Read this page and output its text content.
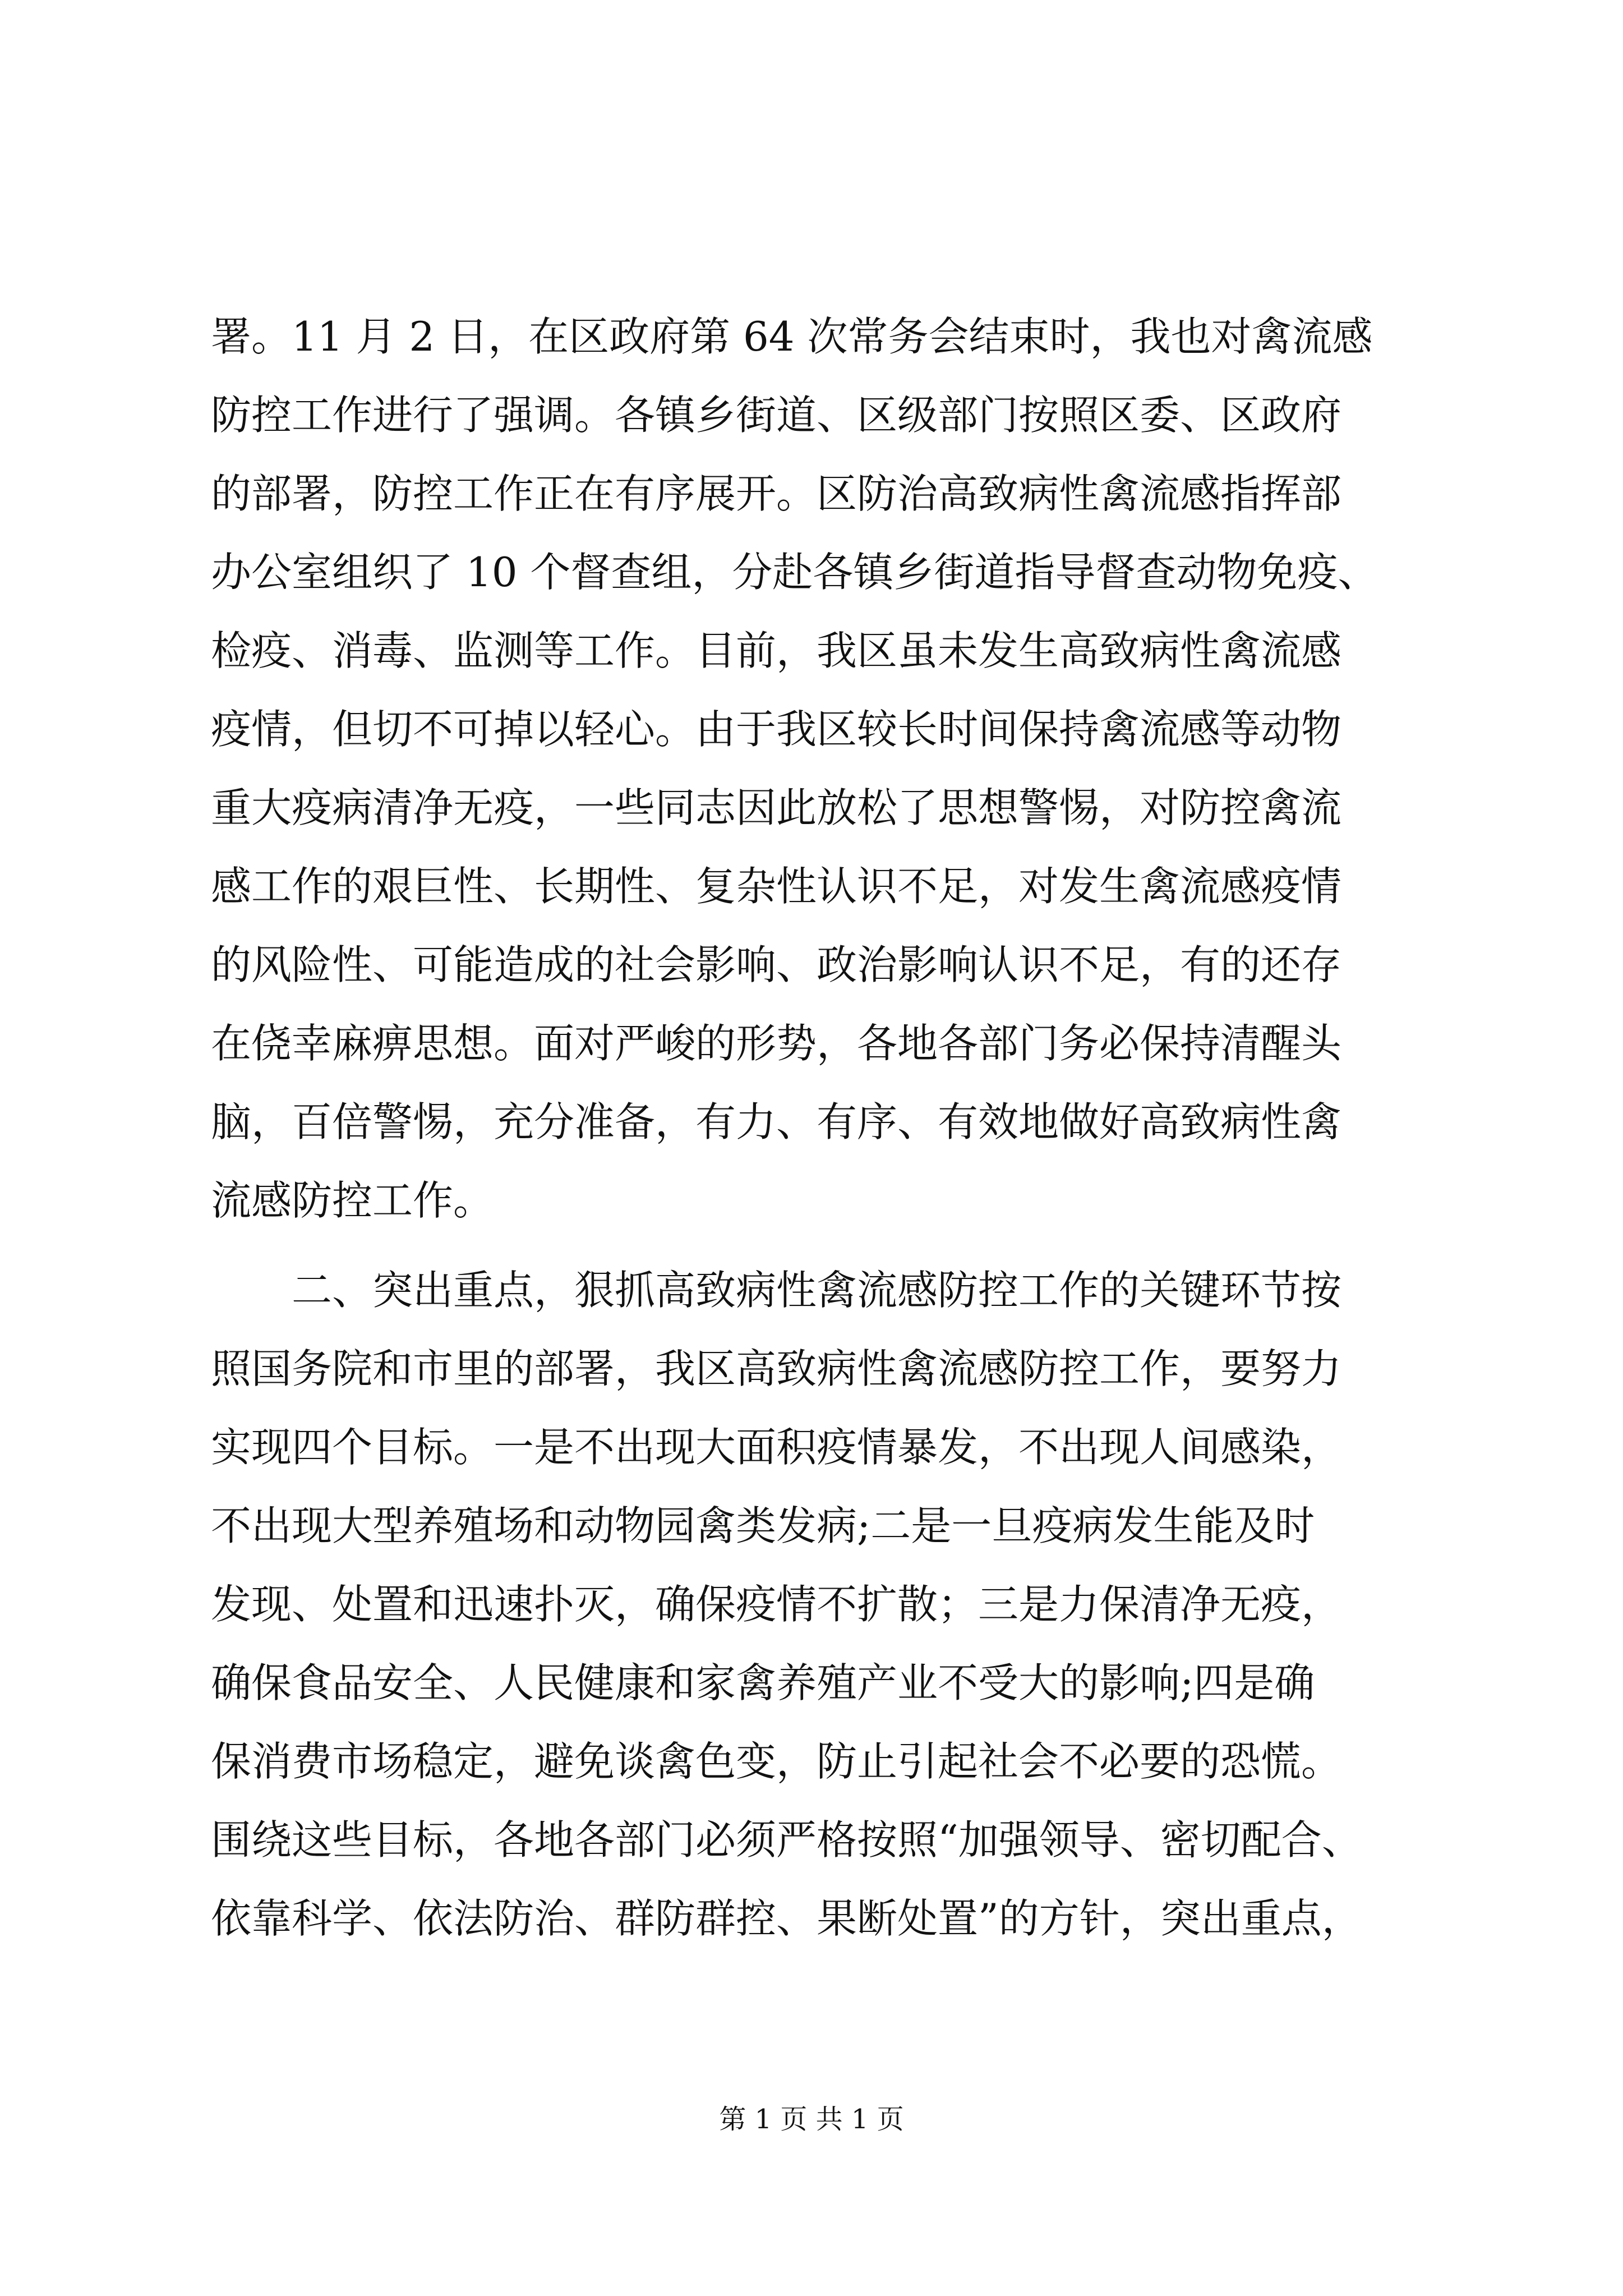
署。11 月 2 日，在区政府第 64 次常务会结束时，我也对禽流感
防控工作进行了强调。各镇乡街道、区级部门按照区委、区政府
的部署，防控工作正在有序展开。区防治高致病性禽流感指挥部
办公室组织了 10 个督查组，分赴各镇乡街道指导督查动物免疫、
检疫、消毒、监测等工作。目前，我区虽未发生高致病性禽流感
疫情，但切不可掉以轻心。由于我区较长时间保持禽流感等动物
重大疫病清净无疫，一些同志因此放松了思想警惕，对防控禽流
感工作的艰巨性、长期性、复杂性认识不足，对发生禽流感疫情
的风险性、可能造成的社会影响、政治影响认识不足，有的还存
在侥幸麻痹思想。面对严峻的形势，各地各部门务必保持清醒头
脑，百倍警惕，充分准备，有力、有序、有效地做好高致病性禽
流感防控工作。
二、突出重点，狠抓高致病性禽流感防控工作的关键环节按
照国务院和市里的部署，我区高致病性禽流感防控工作，要努力
实现四个目标。一是不出现大面积疫情暴发，不出现人间感染，
不出现大型养殖场和动物园禽类发病;二是一旦疫病发生能及时
发现、处置和迅速扑灭，确保疫情不扩散；三是力保清净无疫，
确保食品安全、人民健康和家禽养殖产业不受大的影响;四是确
保消费市场稳定，避免谈禽色变，防止引起社会不必要的恐慌。
围绕这些目标，各地各部门必须严格按照“加强领导、密切配合、
依靠科学、依法防治、群防群控、果断处置”的方针，突出重点，
第 1 页 共 1 页
